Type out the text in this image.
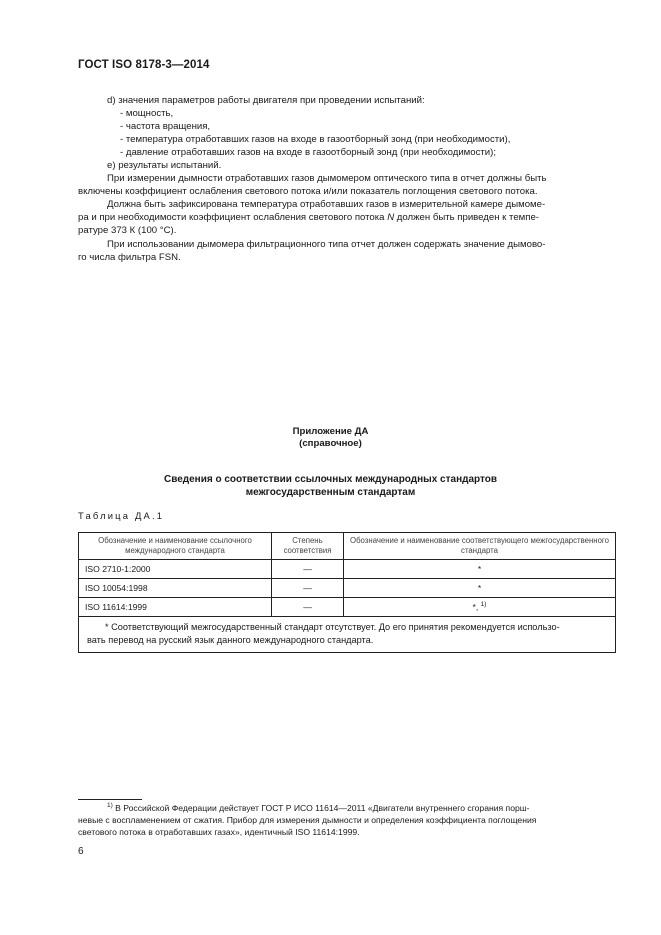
ГОСТ ISO 8178-3—2014
d) значения параметров работы двигателя при проведении испытаний:
- мощность,
- частота вращения,
- температура отработавших газов на входе в газоотборный зонд (при необходимости),
- давление отработавших газов на входе в газоотборный зонд (при необходимости);
е) результаты испытаний.
При измерении дымности отработавших газов дымомером оптического типа в отчет должны быть
включены коэффициент ослабления светового потока и/или показатель поглощения светового потока.
Должна быть зафиксирована температура отработавших газов в измерительной камере дымоме-
ра и при необходимости коэффициент ослабления светового потока N должен быть приведен к темпе-
ратуре 373 К (100 °С).
При использовании дымомера фильтрационного типа отчет должен содержать значение дымово-
го числа фильтра FSN.
Приложение ДА
(справочное)
Сведения о соответствии ссылочных международных стандартов
межгосударственным стандартам
Таблица ДА.1
Обозначение и наименование ссылочного международного стандарта	Степень соответствия	Обозначение и наименование соответствующего межгосударственного стандарта
ISO 2710-1:2000	—	*
ISO 10054:1998	—	*
ISO 11614:1999	—	*, $^{1)}$
* Соответствующий межгосударственный стандарт отсутствует. До его принятия рекомендуется использо-
вать перевод на русский язык данного международного стандарта.		
$^{1)}$ В Российской Федерации действует ГОСТ Р ИСО 11614—2011 «Двигатели внутреннего сгорания порш-
невые с воспламенением от сжатия. Прибор для измерения дымности и определения коэффициента поглощения
светового потока в отработавших газах», идентичный ISO 11614:1999.
6
